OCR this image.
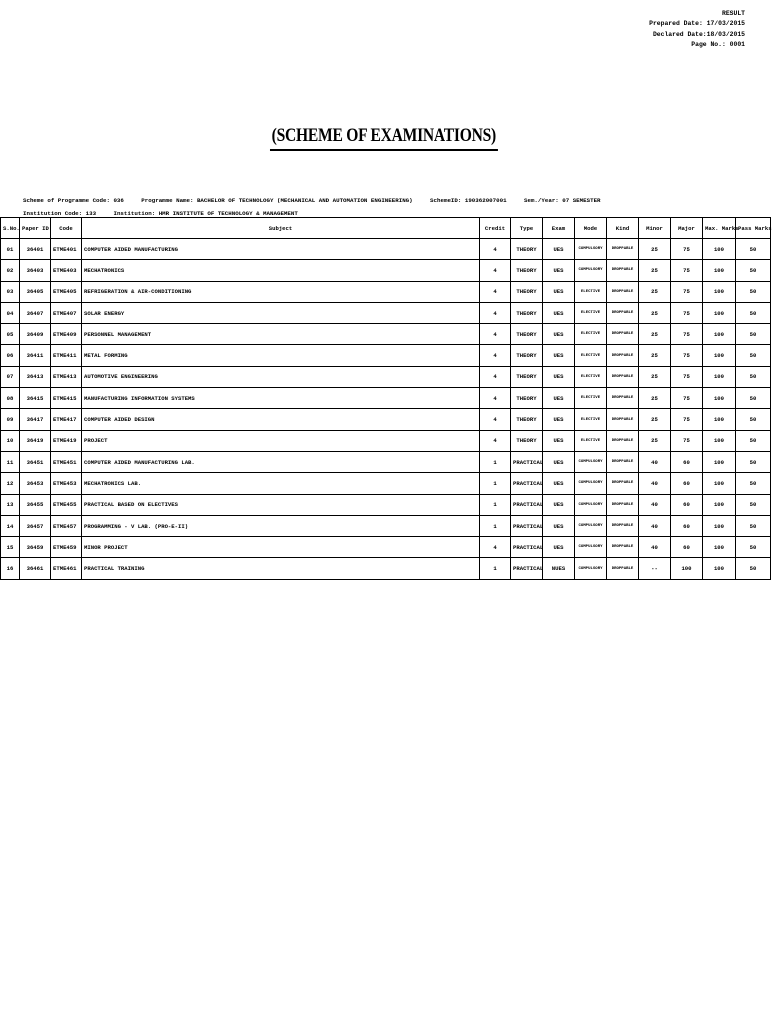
RESULT
Prepared Date: 17/03/2015
Declared Date:18/03/2015
Page No.: 0001
(SCHEME OF EXAMINATIONS)
Scheme of Programme Code: 036	Programme Name: BACHELOR OF TECHNOLOGY (MECHANICAL AND AUTOMATION ENGINEERING)	SchemeID: 190362007001	Sem./Year: 07 SEMESTER
Institution Code: 133	Institution: HMR INSTITUTE OF TECHNOLOGY & MANAGEMENT
S.No.	Paper ID	Code	Subject	Credit	Type	Exam	Mode	Kind	Minor	Major	Max. Marks	Pass Marks
01	36401	ETME401	COMPUTER AIDED MANUFACTURING	4	THEORY	UES	COMPULSORY	DROPPABLE	25	75	100	50
02	36403	ETME403	MECHATRONICS	4	THEORY	UES	COMPULSORY	DROPPABLE	25	75	100	50
03	36405	ETME405	REFRIGERATION & AIR-CONDITIONING	4	THEORY	UES	ELECTIVE	DROPPABLE	25	75	100	50
04	36407	ETME407	SOLAR ENERGY	4	THEORY	UES	ELECTIVE	DROPPABLE	25	75	100	50
05	36409	ETME409	PERSONNEL MANAGEMENT	4	THEORY	UES	ELECTIVE	DROPPABLE	25	75	100	50
06	36411	ETME411	METAL FORMING	4	THEORY	UES	ELECTIVE	DROPPABLE	25	75	100	50
07	36413	ETME413	AUTOMOTIVE ENGINEERING	4	THEORY	UES	ELECTIVE	DROPPABLE	25	75	100	50
08	36415	ETME415	MANUFACTURING INFORMATION SYSTEMS	4	THEORY	UES	ELECTIVE	DROPPABLE	25	75	100	50
09	36417	ETME417	COMPUTER AIDED DESIGN	4	THEORY	UES	ELECTIVE	DROPPABLE	25	75	100	50
10	36419	ETME419	PROJECT	4	THEORY	UES	ELECTIVE	DROPPABLE	25	75	100	50
11	36451	ETME451	COMPUTER AIDED MANUFACTURING LAB.	1	PRACTICAL	UES	COMPULSORY	DROPPABLE	40	60	100	50
12	36453	ETME453	MECHATRONICS LAB.	1	PRACTICAL	UES	COMPULSORY	DROPPABLE	40	60	100	50
13	36455	ETME455	PRACTICAL BASED ON ELECTIVES	1	PRACTICAL	UES	COMPULSORY	DROPPABLE	40	60	100	50
14	36457	ETME457	PROGRAMMING - V LAB. (PRO-E-II)	1	PRACTICAL	UES	COMPULSORY	DROPPABLE	40	60	100	50
15	36459	ETME459	MINOR PROJECT	4	PRACTICAL	UES	COMPULSORY	DROPPABLE	40	60	100	50
16	36461	ETME461	PRACTICAL TRAINING	1	PRACTICAL	NUES	COMPULSORY	DROPPABLE	--	100	100	50
